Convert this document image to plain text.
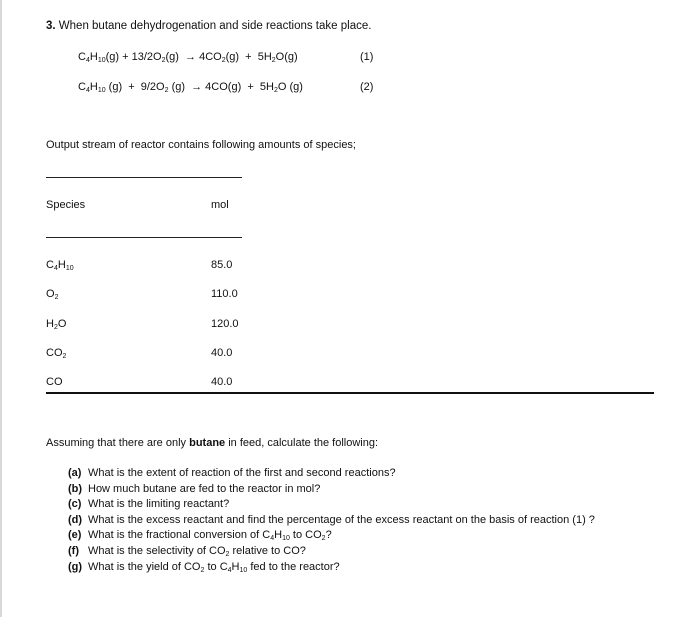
3. When butane dehydrogenation and side reactions take place.
$C_4H_{10}(g) + 13/2O_2(g) \to 4CO_2(g) + 5H_2O(g)$	(1)
$C_4H_{10}$ $(g) + 9/2O_2$ $(g) \to 4CO(g) + 5H_2O$ (g)	(2)
Output stream of reactor contains following amounts of species;
Species	mol
$C_4H_{10}$	85.0
$O_2$	110.0
$H_2O$	120.0
$CO_2$	40.0
CO	40.0
Assuming that there are only butane in feed, calculate the following:
(a) What is the extent of reaction of the first and second reactions?
(b) How much butane are fed to the reactor in mol?
(c) What is the limiting reactant?
(d) What is the excess reactant and find the percentage of the excess reactant on the basis of reaction (1) ?
(e) What is the fractional conversion of $C_4H_{10}$ to $CO_2$?
(f) What is the selectivity of $CO_2$ relative to CO?
(g) What is the yield of $CO_2$ to $C_4H_{10}$ fed to the reactor?
